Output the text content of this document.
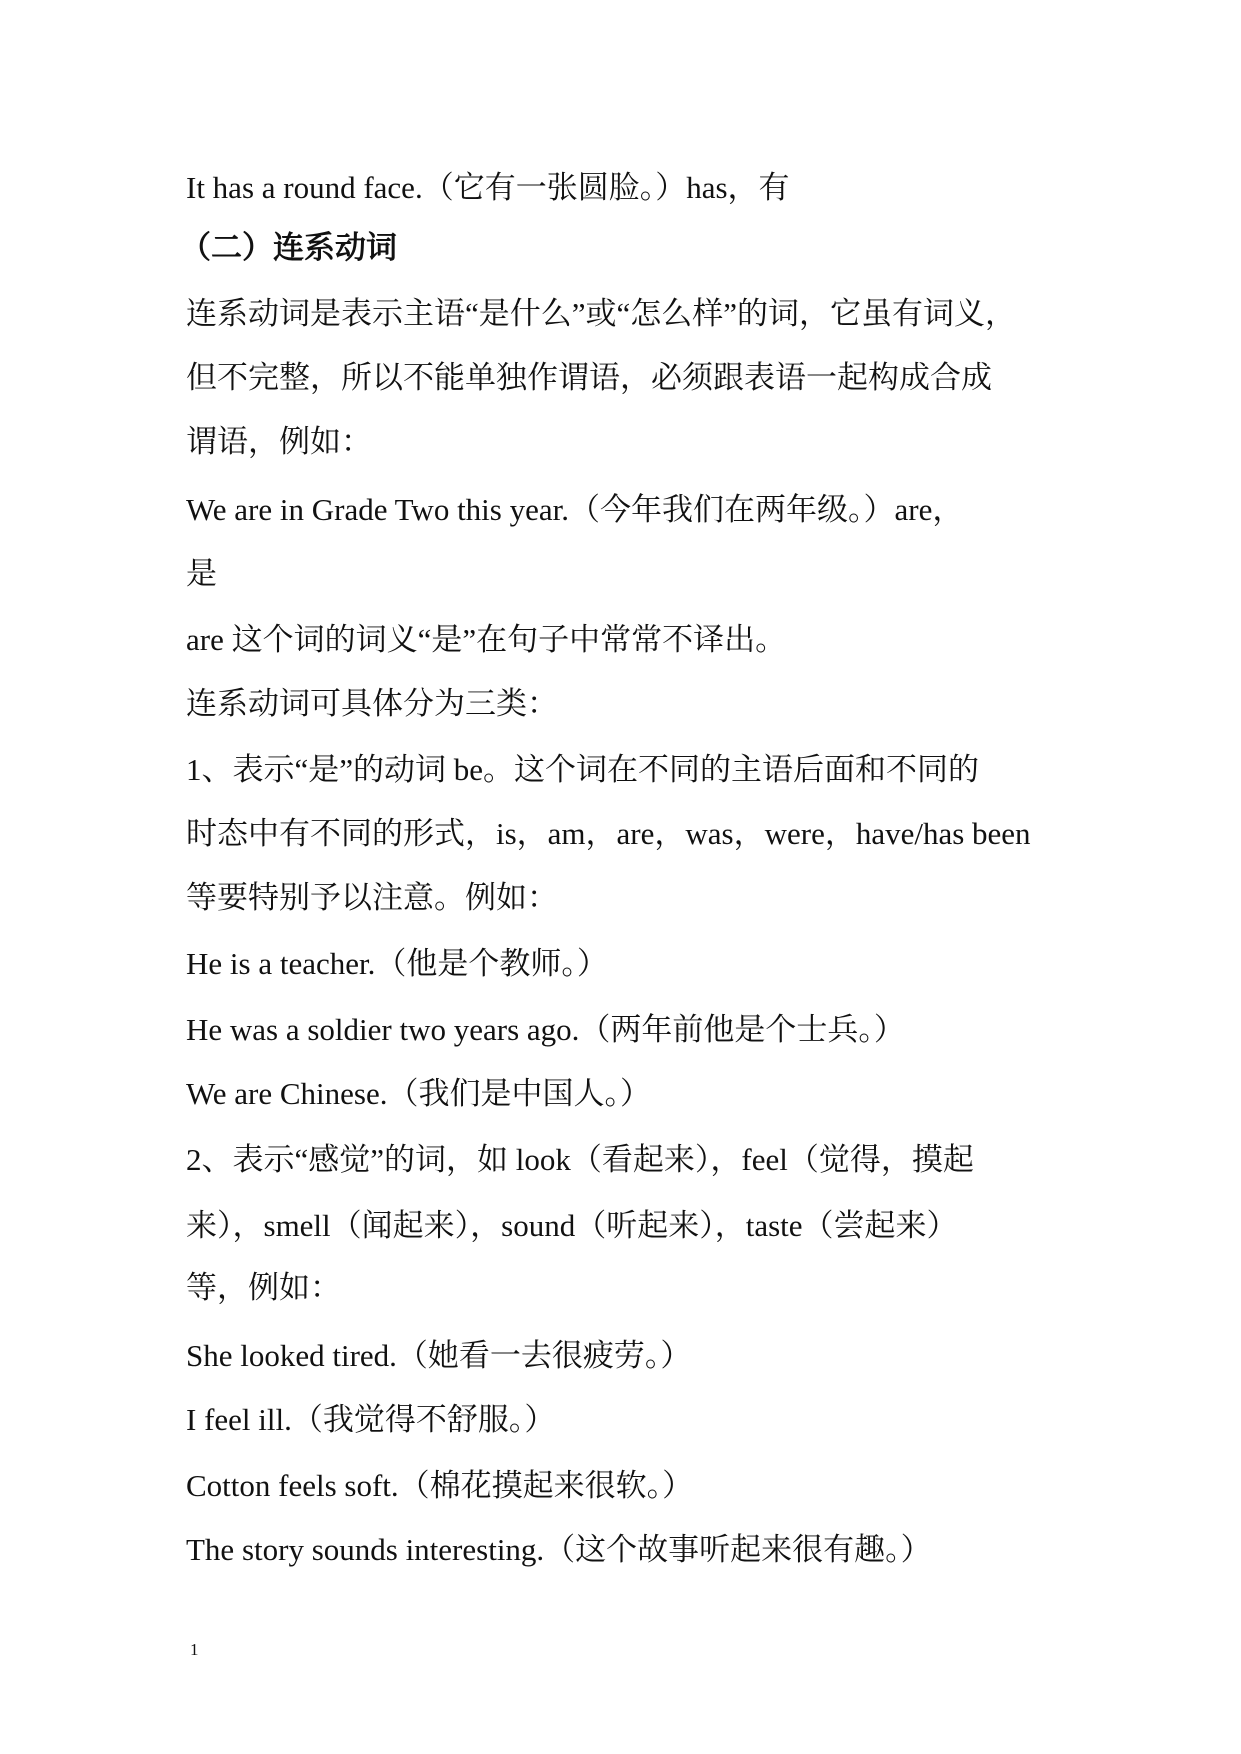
It has a round face.（它有一张圆脸。）has，有
（二）连系动词
连系动词是表示主语“是什么”或“怎么样”的词，它虽有词义，
但不完整，所以不能单独作谓语，必须跟表语一起构成合成
谓语，例如：
We are in Grade Two this year.（今年我们在两年级。）are，
是
are 这个词的词义“是”在句子中常常不译出。
连系动词可具体分为三类：
1、表示“是”的动词 be。这个词在不同的主语后面和不同的
时态中有不同的形式，is，am，are，was，were，have/has been
等要特别予以注意。例如：
He is a teacher.（他是个教师。）
He was a soldier two years ago.（两年前他是个士兵。）
We are Chinese.（我们是中国人。）
2、表示“感觉”的词，如 look（看起来），feel（觉得，摸起
来），smell（闻起来），sound（听起来），taste（尝起来）
等，例如：
She looked tired.（她看一去很疲劳。）
I feel ill.（我觉得不舒服。）
Cotton feels soft.（棉花摸起来很软。）
The story sounds interesting.（这个故事听起来很有趣。）
1
